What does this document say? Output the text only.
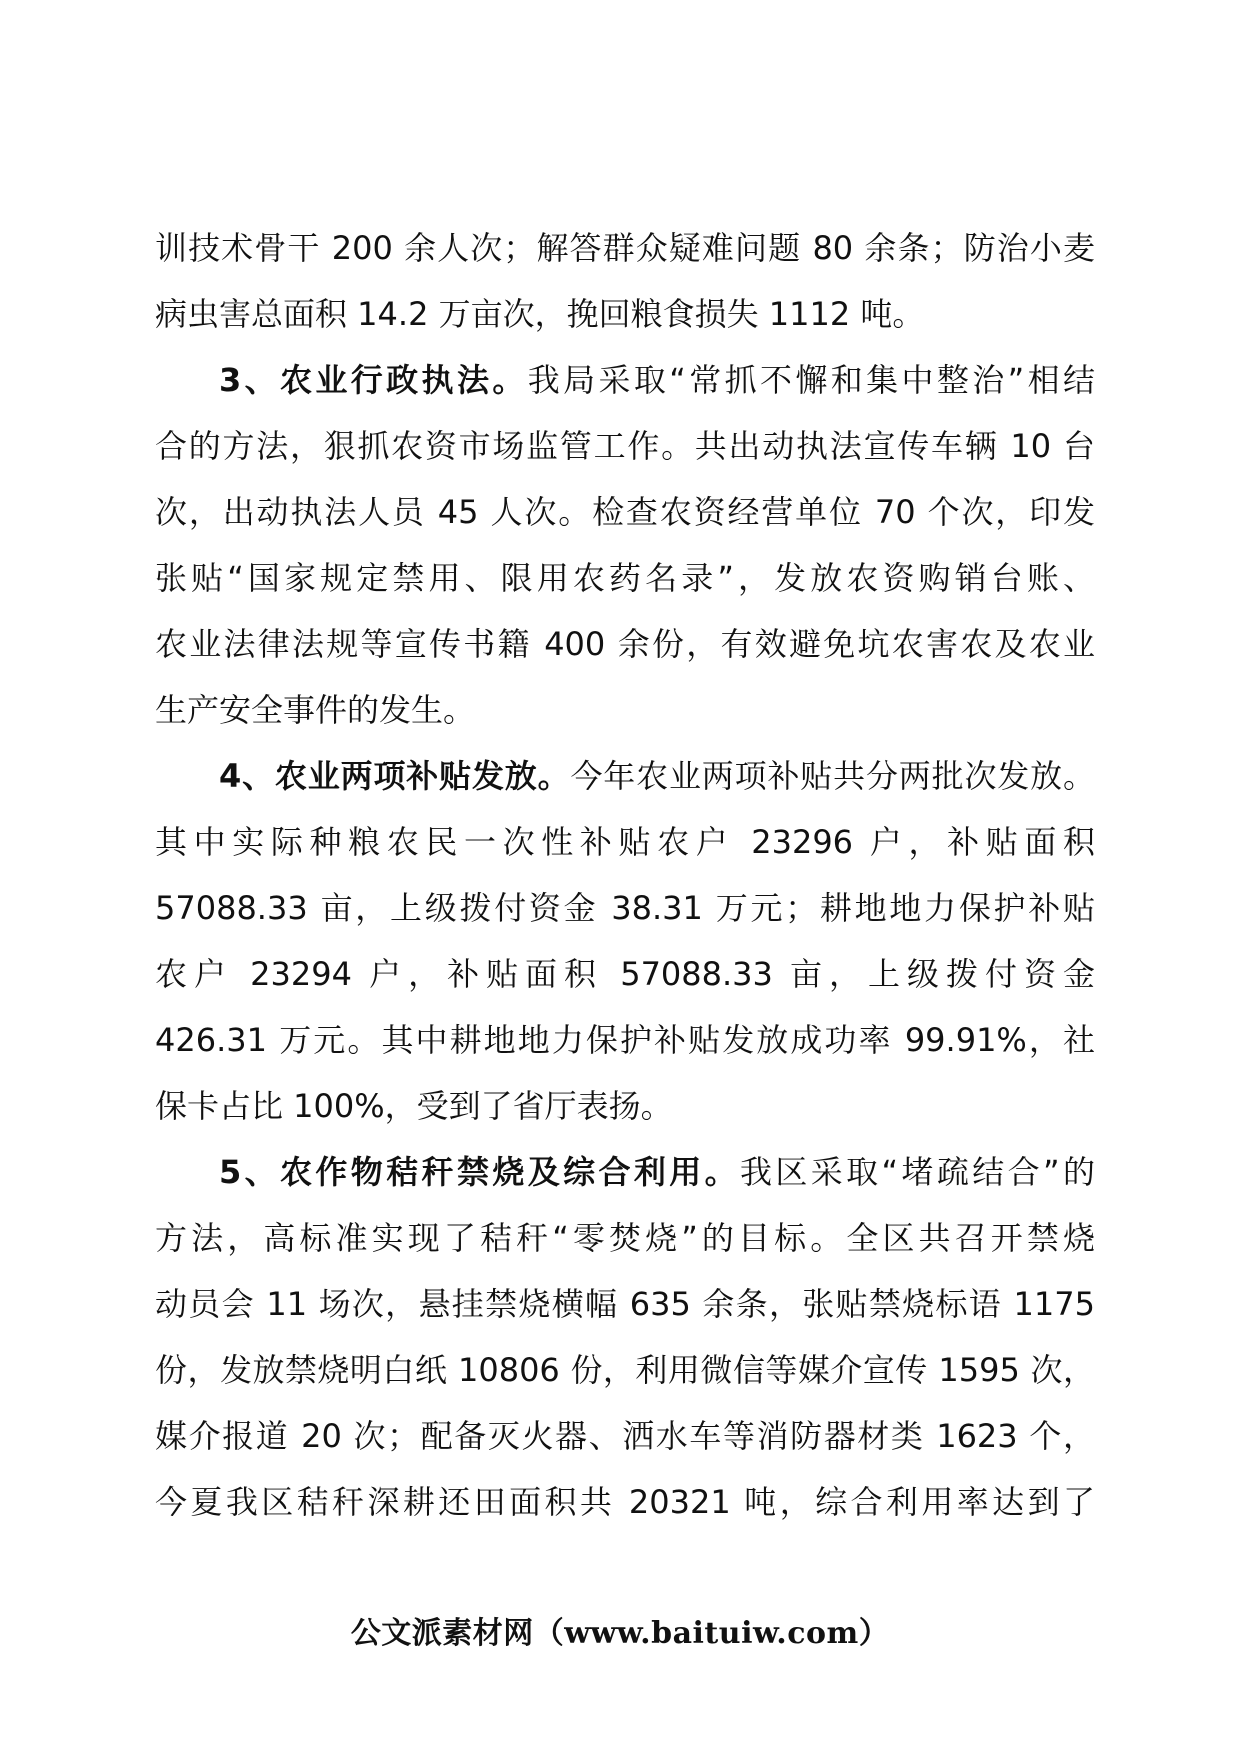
训技术骨干 200 余人次；解答群众疑难问题 80 余条；防治小麦
病虫害总面积 14.2 万亩次，挽回粮食损失 1112 吨。
3、农业行政执法。我局采取“常抓不懈和集中整治”相结
合的方法，狠抓农资市场监管工作。共出动执法宣传车辆 10 台
次，出动执法人员 45 人次。检查农资经营单位 70 个次，印发
张贴“国家规定禁用、限用农药名录”，发放农资购销台账、
农业法律法规等宣传书籍 400 余份，有效避免坑农害农及农业
生产安全事件的发生。
4、农业两项补贴发放。今年农业两项补贴共分两批次发放。
其中实际种粮农民一次性补贴农户 23296 户，补贴面积
57088.33 亩，上级拨付资金 38.31 万元；耕地地力保护补贴
农户 23294 户，补贴面积 57088.33 亩，上级拨付资金
426.31 万元。其中耕地地力保护补贴发放成功率 99.91%，社
保卡占比 100%，受到了省厅表扬。
5、农作物秸秆禁烧及综合利用。我区采取“堵疏结合”的
方法，高标准实现了秸秆“零焚烧”的目标。全区共召开禁烧
动员会 11 场次，悬挂禁烧横幅 635 余条，张贴禁烧标语 1175
份，发放禁烧明白纸 10806 份，利用微信等媒介宣传 1595 次，
媒介报道 20 次；配备灭火器、洒水车等消防器材类 1623 个，
今夏我区秸秆深耕还田面积共 20321 吨，综合利用率达到了
公文派素材网（www.baituiw.com）
